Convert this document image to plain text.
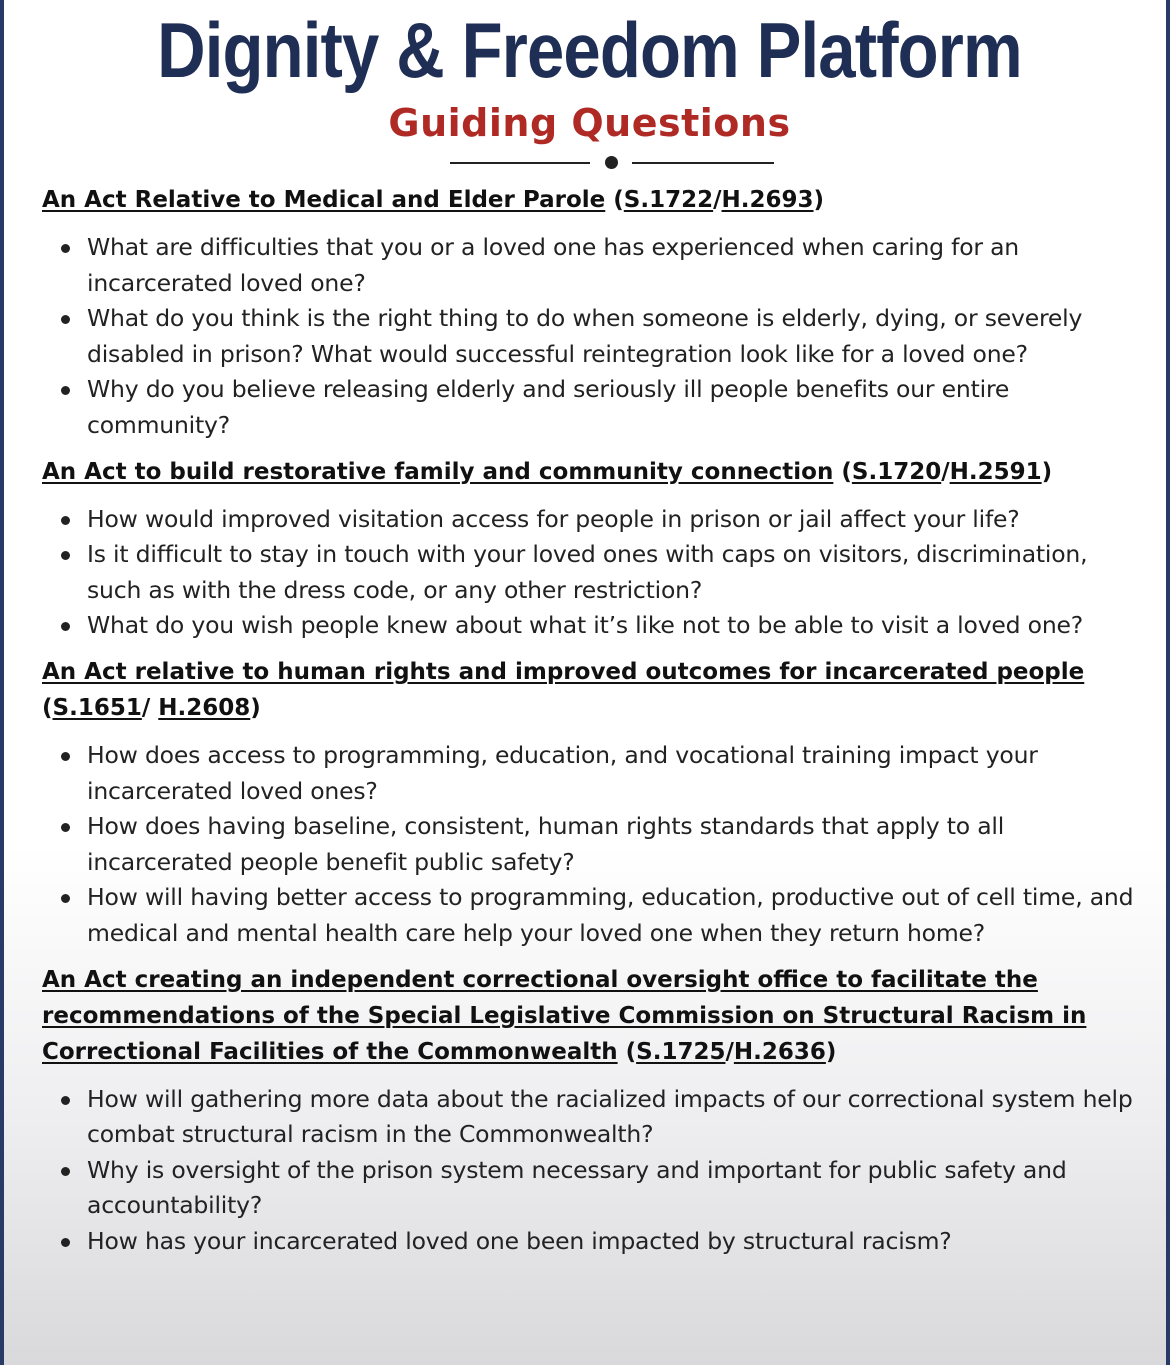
Dignity & Freedom Platform
Guiding Questions

An Act Relative to Medical and Elder Parole (S.1722/H.2693)

What are difficulties that you or a loved one has experienced when caring for an incarcerated loved one?
What do you think is the right thing to do when someone is elderly, dying, or severely disabled in prison? What would successful reintegration look like for a loved one?
Why do you believe releasing elderly and seriously ill people benefits our entire community?

An Act to build restorative family and community connection (S.1720/H.2591)

How would improved visitation access for people in prison or jail affect your life?
Is it difficult to stay in touch with your loved ones with caps on visitors, discrimination, such as with the dress code, or any other restriction?
What do you wish people knew about what it’s like not to be able to visit a loved one?

An Act relative to human rights and improved outcomes for incarcerated people (S.1651/ H.2608)

How does access to programming, education, and vocational training impact your incarcerated loved ones?
How does having baseline, consistent, human rights standards that apply to all incarcerated people benefit public safety?
How will having better access to programming, education, productive out of cell time, and medical and mental health care help your loved one when they return home?

An Act creating an independent correctional oversight office to facilitate the recommendations of the Special Legislative Commission on Structural Racism in Correctional Facilities of the Commonwealth (S.1725/H.2636)

How will gathering more data about the racialized impacts of our correctional system help combat structural racism in the Commonwealth?
Why is oversight of the prison system necessary and important for public safety and accountability?
How has your incarcerated loved one been impacted by structural racism?
